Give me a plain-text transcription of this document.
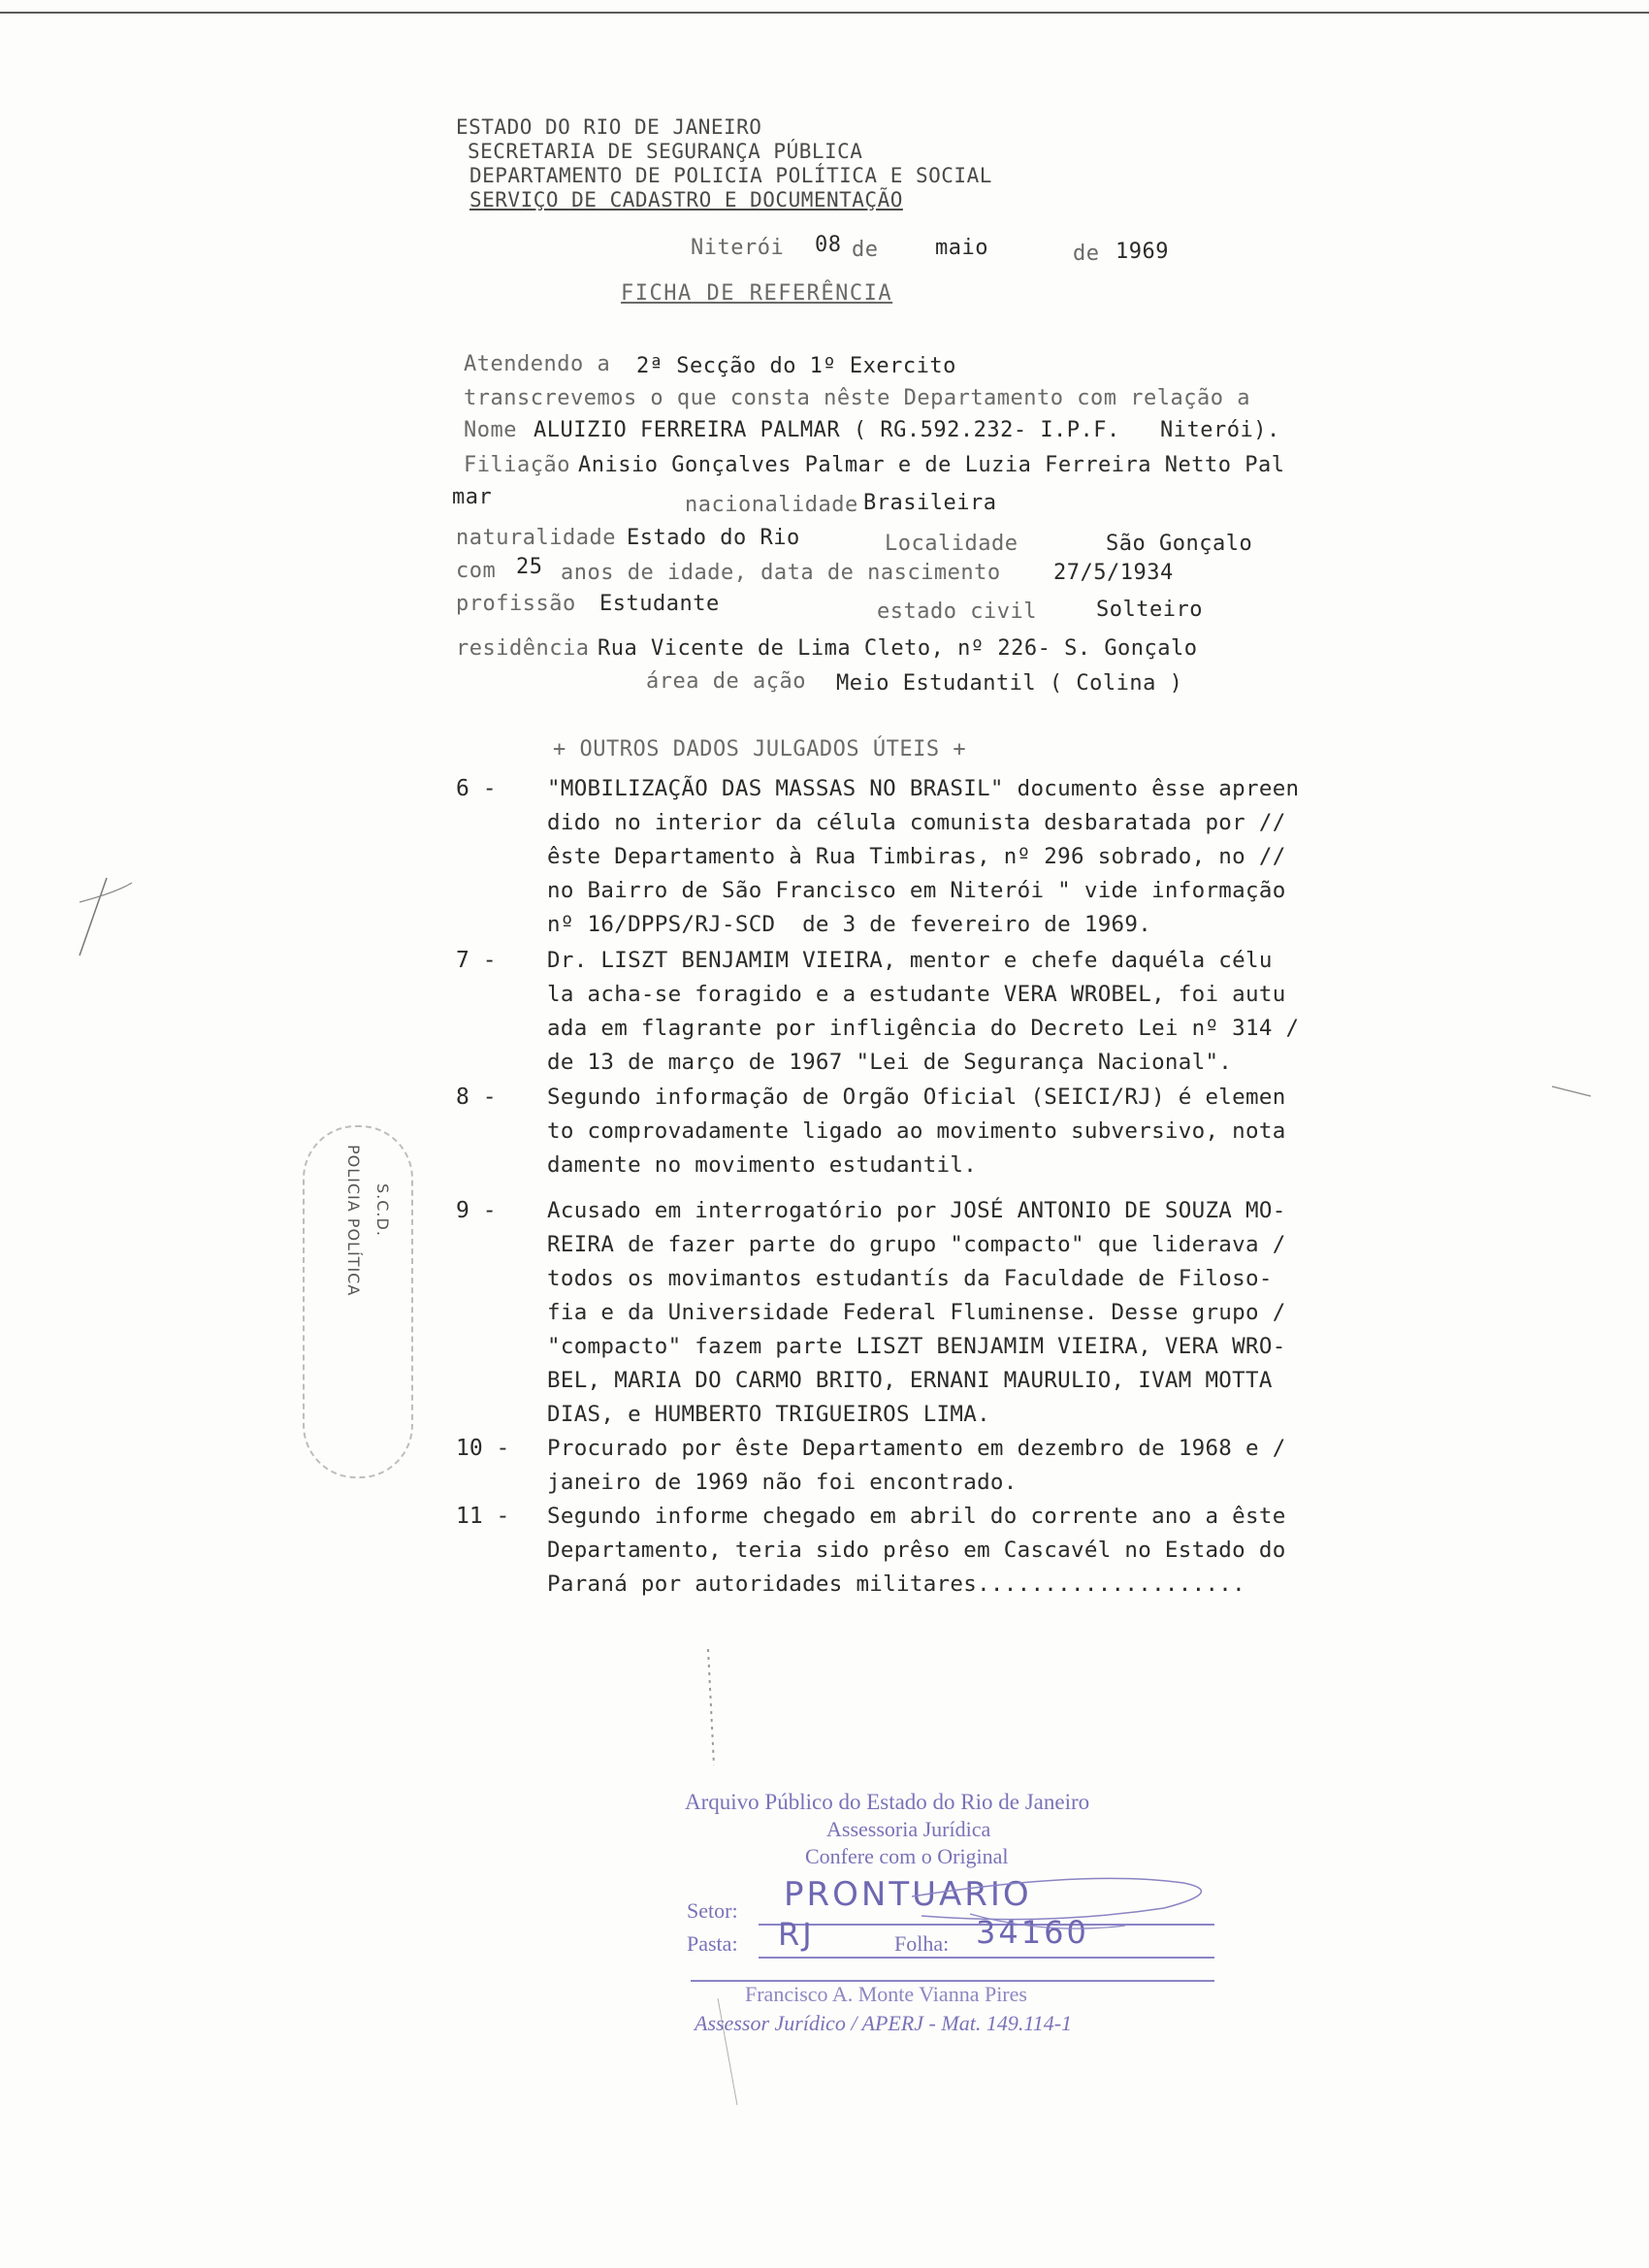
ESTADO DO RIO DE JANEIRO
SECRETARIA DE SEGURANÇA PÚBLICA
DEPARTAMENTO DE POLICIA POLÍTICA E SOCIAL
SERVIÇO DE CADASTRO E DOCUMENTAÇÃO
Niterói 08 de	maio	de 1969
FICHA DE REFERÊNCIA
Atendendo a 2ª Secção do 1º Exercito
transcrevemos o que consta nêste Departamento com relação a
Nome ALUIZIO FERREIRA PALMAR ( RG.592.232- I.P.F.   Niterói).
Filiação Anisio Gonçalves Palmar e de Luzia Ferreira Netto Pal
mar	nacionalidade Brasileira
naturalidade Estado do Rio	Localidade	São Gonçalo
com 25 anos de idade, data de nascimento 27/5/1934
profissão Estudante	estado civil	Solteiro
residência Rua Vicente de Lima Cleto, nº 226- S. Gonçalo
área de ação Meio Estudantil ( Colina )
+ OUTROS DADOS JULGADOS ÚTEIS +
6 - "MOBILIZAÇÃO DAS MASSAS NO BRASIL" documento êsse apreen
dido no interior da célula comunista desbaratada por //
êste Departamento à Rua Timbiras, nº 296 sobrado, no //
no Bairro de São Francisco em Niterói " vide informação
nº 16/DPPS/RJ-SCD  de 3 de fevereiro de 1969.
7 - Dr. LISZT BENJAMIM VIEIRA, mentor e chefe daquéla célu
la acha-se foragido e a estudante VERA WROBEL, foi autu
ada em flagrante por infligência do Decreto Lei nº 314 /
de 13 de março de 1967 "Lei de Segurança Nacional".
8 - Segundo informação de Orgão Oficial (SEICI/RJ) é elemen
to comprovadamente ligado ao movimento subversivo, nota
damente no movimento estudantil.
9 - Acusado em interrogatório por JOSÉ ANTONIO DE SOUZA MO-
REIRA de fazer parte do grupo "compacto" que liderava /
todos os movimantos estudantís da Faculdade de Filoso-
fia e da Universidade Federal Fluminense. Desse grupo /
"compacto" fazem parte LISZT BENJAMIM VIEIRA, VERA WRO-
BEL, MARIA DO CARMO BRITO, ERNANI MAURULIO, IVAM MOTTA
DIAS, e HUMBERTO TRIGUEIROS LIMA.
10 - Procurado por êste Departamento em dezembro de 1968 e /
janeiro de 1969 não foi encontrado.
11 - Segundo informe chegado em abril do corrente ano a êste
Departamento, teria sido prêso em Cascavél no Estado do
Paraná por autoridades militares....................
POLICIA POLÍTICA S.C.D.
Arquivo Público do Estado do Rio de Janeiro
Assessoria Jurídica
Confere com o Original
Setor: PRONTUARIO
Pasta: RJ	Folha: 34160
Francisco A. Monte Vianna Pires
Assessor Jurídico / APERJ - Mat. 149.114-1
